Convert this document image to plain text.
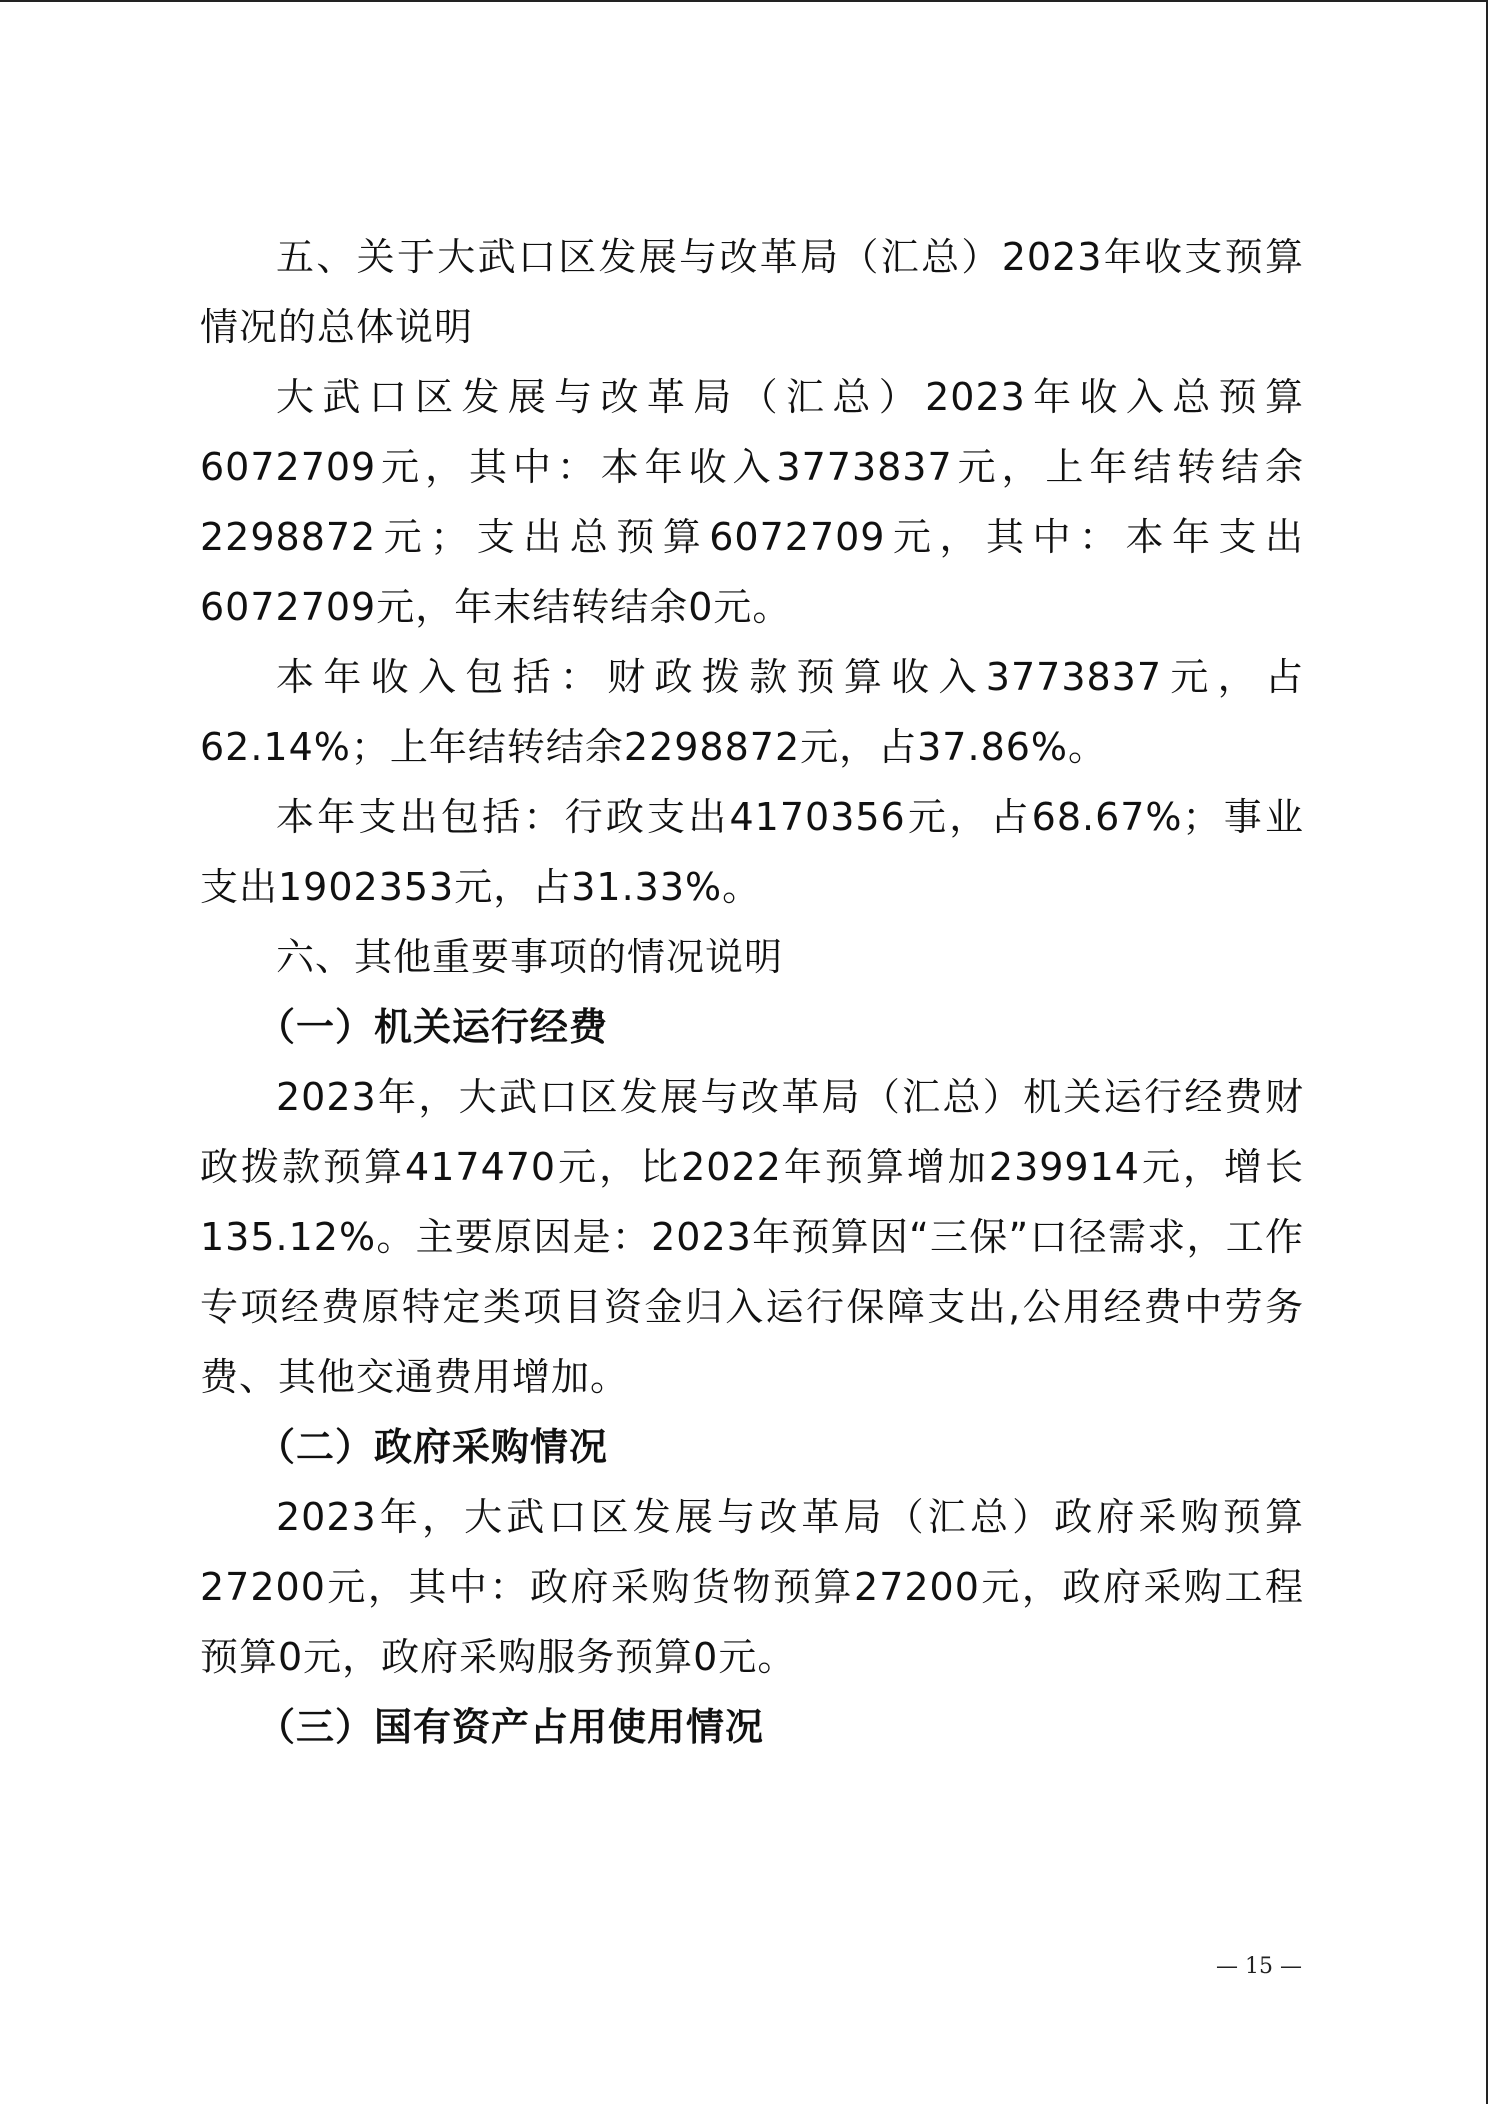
五、关于大武口区发展与改革局（汇总）2023年收支预算情况的总体说明

大武口区发展与改革局（汇总）2023年收入总预算6072709元，其中：本年收入3773837元，上年结转结余2298872元；支出总预算6072709元，其中：本年支出6072709元，年末结转结余0元。

本年收入包括：财政拨款预算收入3773837元，占62.14%；上年结转结余2298872元，占37.86%。

本年支出包括：行政支出4170356元，占68.67%；事业支出1902353元，占31.33%。

六、其他重要事项的情况说明

（一）机关运行经费

2023年，大武口区发展与改革局（汇总）机关运行经费财政拨款预算417470元，比2022年预算增加239914元，增长135.12%。主要原因是：2023年预算因“三保”口径需求，工作专项经费原特定类项目资金归入运行保障支出,公用经费中劳务费、其他交通费用增加。

（二）政府采购情况

2023年，大武口区发展与改革局（汇总）政府采购预算27200元，其中：政府采购货物预算27200元，政府采购工程预算0元，政府采购服务预算0元。

（三）国有资产占用使用情况

— 15 —
